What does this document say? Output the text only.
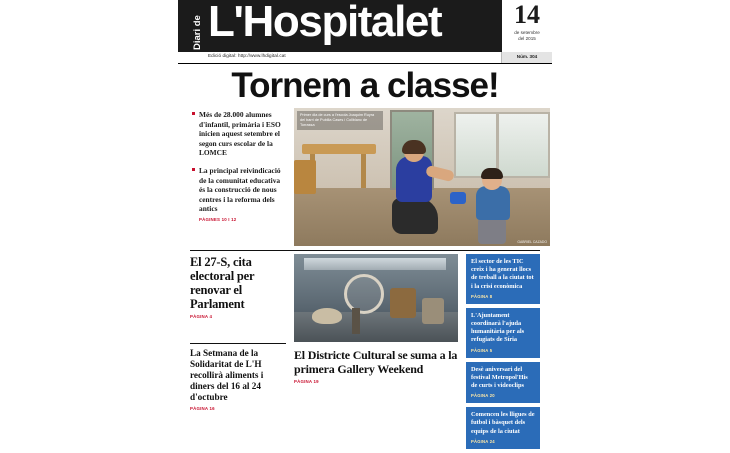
Diari de L'Hospitalet	14
de setembre
del 2015
Edició digital: http://www.lhdigital.cat	Núm. 304
Tornem a classe!

Més de 28.000 alumnes d'infantil, primària i ESO inicien aquest setembre el segon curs escolar de la LOMCE

La principal reivindicació de la comunitat educativa és la construcció de nous centres i la reforma dels antics

PÀGINES 10 I 12
Primer dia de curs a l'escola Joaquim Ruyra del barri de Pubilla Cases i Collblanc de Torrassa
GABRIEL CAZADO

El 27-S, cita electoral per renovar el Parlament

PÀGINA 4

La Setmana de la Solidaritat de L'H recollirà aliments i diners del 16 al 24 d'octubre

PÀGINA 16

El Districte Cultural se suma a la primera Gallery Weekend

PÀGINA 19

El sector de les TIC creix i ha generat llocs de treball a la ciutat tot i la crisi econòmica

PÀGINA 8

L'Ajuntament coordinarà l'ajuda humanitària per als refugiats de Síria

PÀGINA 5

Desè aniversari del festival Metropol'His de curts i videoclips

PÀGINA 20

Comencen les lligues de futbol i bàsquet dels equips de la ciutat

PÀGINA 24
